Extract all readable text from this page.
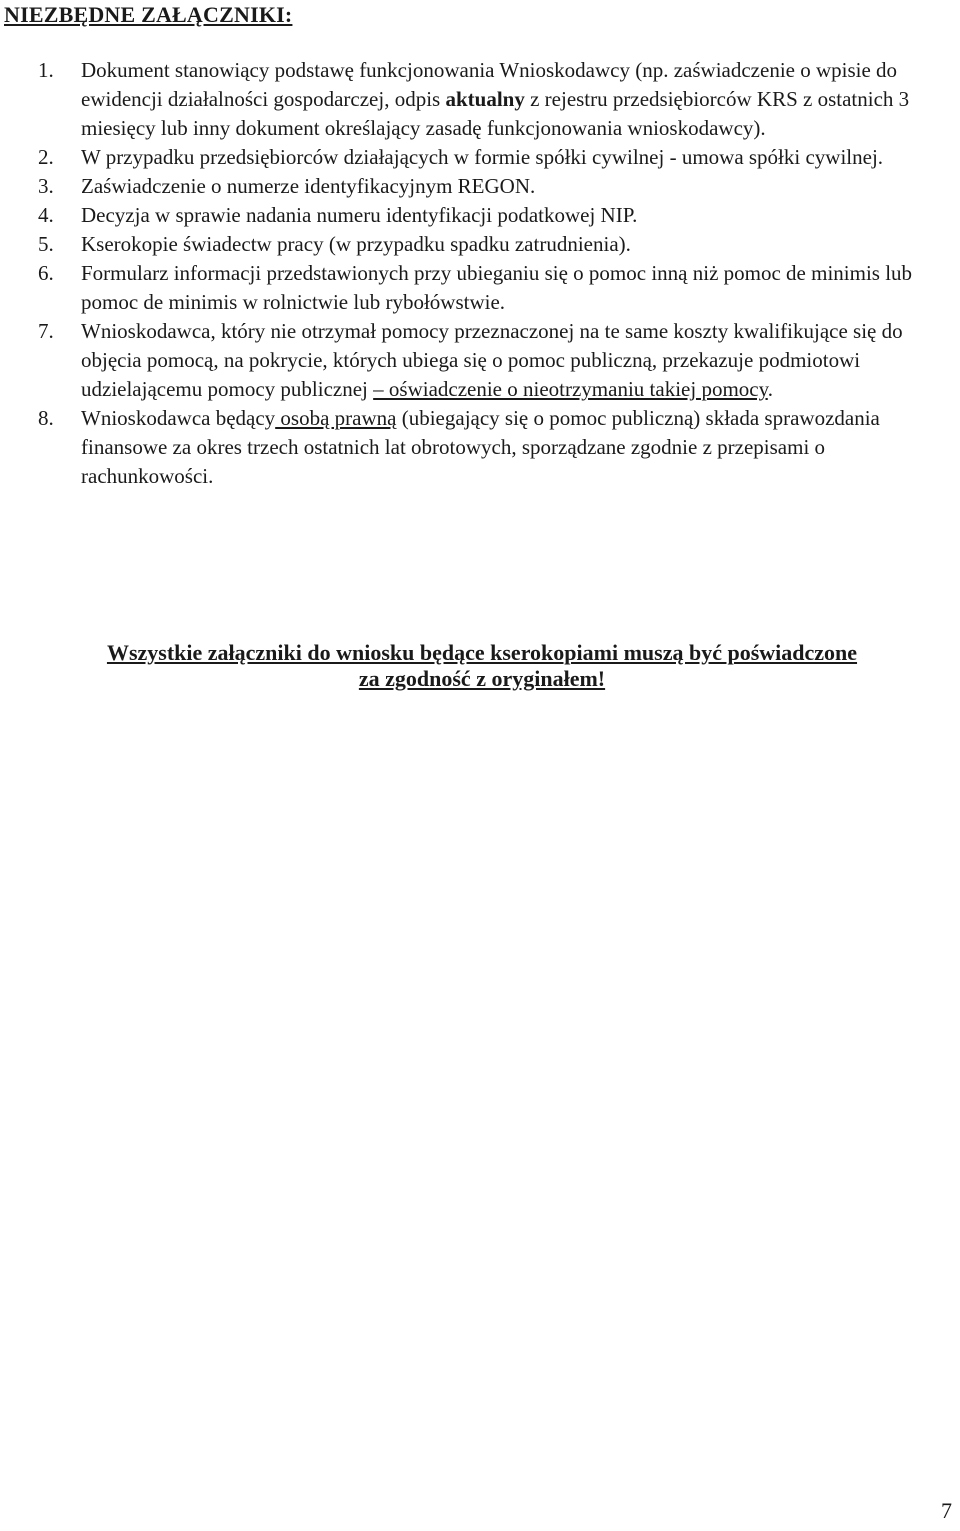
NIEZBĘDNE ZAŁĄCZNIKI:
1.	Dokument stanowiący podstawę funkcjonowania Wnioskodawcy (np. zaświadczenie o wpisie do ewidencji działalności gospodarczej, odpis aktualny z rejestru przedsiębiorców KRS z ostatnich 3 miesięcy lub inny dokument określający zasadę funkcjonowania wnioskodawcy).
2.	W przypadku przedsiębiorców działających w formie spółki cywilnej - umowa spółki cywilnej.
3.	Zaświadczenie o numerze identyfikacyjnym REGON.
4.	Decyzja w sprawie nadania numeru identyfikacji podatkowej NIP.
5.	Kserokopie świadectw pracy (w przypadku spadku zatrudnienia).
6.	Formularz informacji przedstawionych przy ubieganiu się o pomoc inną niż pomoc de minimis lub pomoc de minimis w rolnictwie lub rybołówstwie.
7.	Wnioskodawca, który nie otrzymał pomocy przeznaczonej na te same koszty kwalifikujące się do objęcia pomocą, na pokrycie, których ubiega się o pomoc publiczną, przekazuje podmiotowi udzielającemu pomocy publicznej – oświadczenie o nieotrzymaniu takiej pomocy.
8.	Wnioskodawca będący osobą prawną (ubiegający się o pomoc publiczną) składa sprawozdania finansowe za okres trzech ostatnich lat obrotowych, sporządzane zgodnie z przepisami o rachunkowości.

Wszystkie załączniki do wniosku będące kserokopiami muszą być poświadczone
za zgodność z oryginałem!

7
